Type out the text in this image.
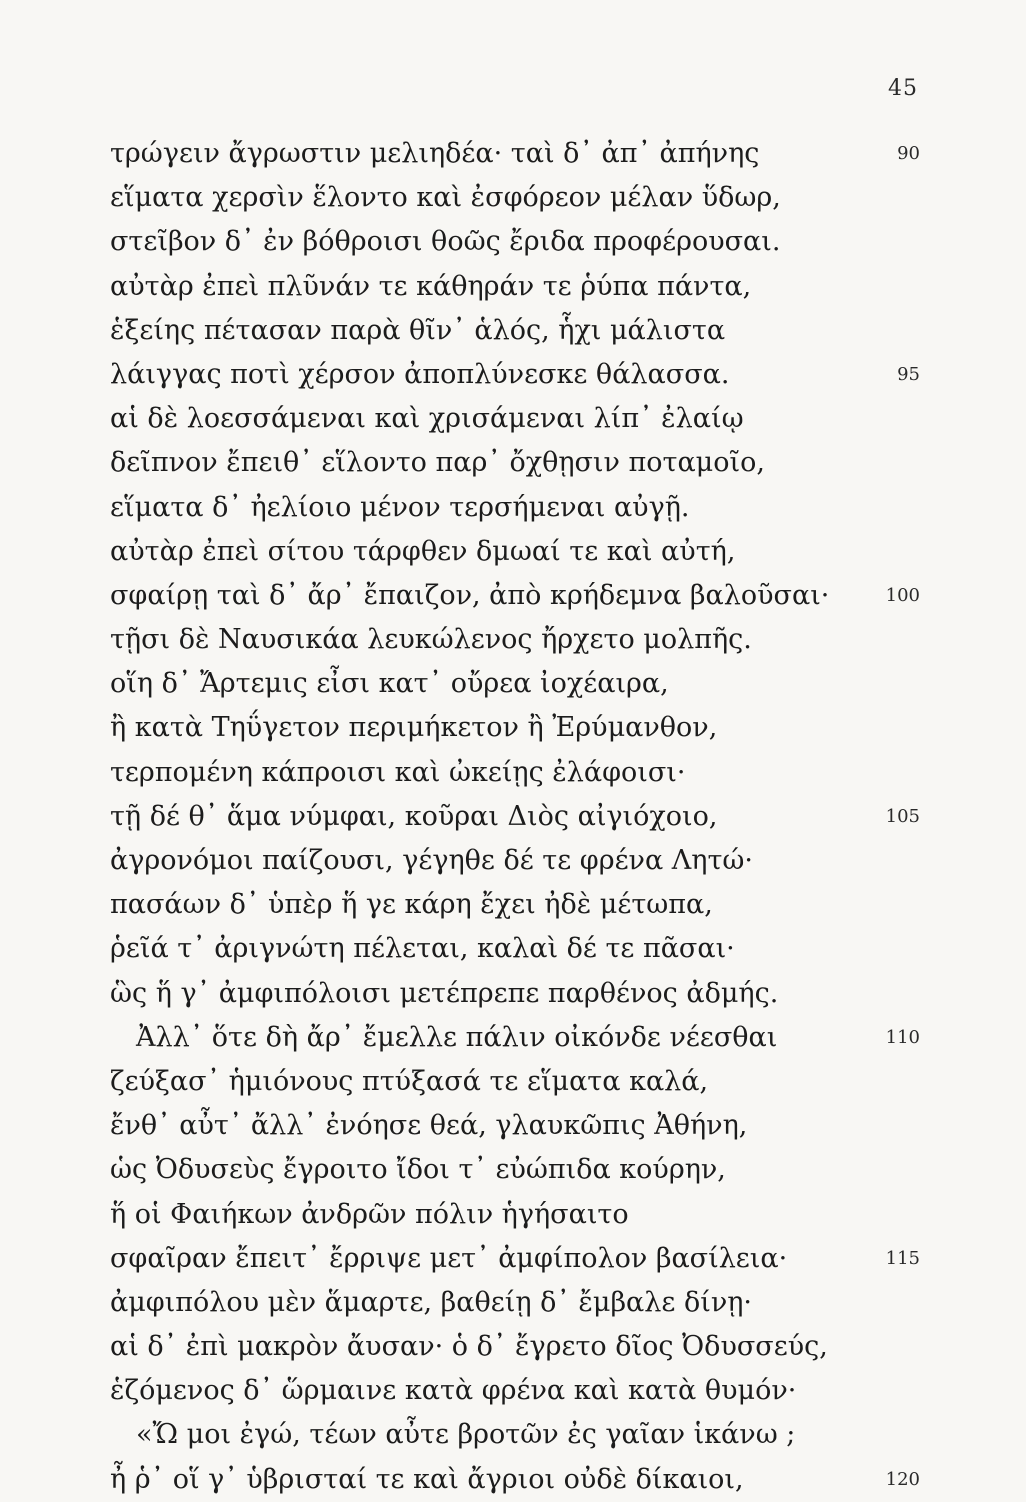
45
τρώγειν ἄγρωστιν μελιηδέα· ταὶ δ᾽ ἀπ᾽ ἀπήνης	90
εἵματα χερσὶν ἕλοντο καὶ ἐσφόρεον μέλαν ὕδωρ,
στεῖβον δ᾽ ἐν βόθροισι θοῶς ἔριδα προφέρουσαι.
αὐτὰρ ἐπεὶ πλῦνάν τε κάθηράν τε ῥύπα πάντα,
ἑξείης πέτασαν παρὰ θῖν᾽ ἁλός, ἧχι μάλιστα
λάιγγας ποτὶ χέρσον ἀποπλύνεσκε θάλασσα.	95
αἱ δὲ λοεσσάμεναι καὶ χρισάμεναι λίπ᾽ ἐλαίῳ
δεῖπνον ἔπειθ᾽ εἵλοντο παρ᾽ ὄχθῃσιν ποταμοῖο,
εἵματα δ᾽ ἠελίοιο μένον τερσήμεναι αὐγῇ.
αὐτὰρ ἐπεὶ σίτου τάρφθεν δμωαί τε καὶ αὐτή,
σφαίρῃ ταὶ δ᾽ ἄρ᾽ ἔπαιζον, ἀπὸ κρήδεμνα βαλοῦσαι·	100
τῇσι δὲ Ναυσικάα λευκώλενος ἤρχετο μολπῆς.
οἵη δ᾽ Ἄρτεμις εἶσι κατ᾽ οὔρεα ἰοχέαιρα,
ἢ κατὰ Τηΰγετον περιμήκετον ἢ Ἐρύμανθον,
τερπομένη κάπροισι καὶ ὠκείῃς ἐλάφοισι·
τῇ δέ θ᾽ ἅμα νύμφαι, κοῦραι Διὸς αἰγιόχοιο,	105
ἀγρονόμοι παίζουσι, γέγηθε δέ τε φρένα Λητώ·
πασάων δ᾽ ὑπὲρ ἥ γε κάρη ἔχει ἠδὲ μέτωπα,
ῥεῖά τ᾽ ἀριγνώτη πέλεται, καλαὶ δέ τε πᾶσαι·
ὣς ἥ γ᾽ ἀμφιπόλοισι μετέπρεπε παρθένος ἀδμής.
Ἀλλ᾽ ὅτε δὴ ἄρ᾽ ἔμελλε πάλιν οἰκόνδε νέεσθαι	110
ζεύξασ᾽ ἡμιόνους πτύξασά τε εἵματα καλά,
ἔνθ᾽ αὖτ᾽ ἄλλ᾽ ἐνόησε θεά, γλαυκῶπις Ἀθήνη,
ὡς Ὀδυσεὺς ἔγροιτο ἴδοι τ᾽ εὐώπιδα κούρην,
ἥ οἱ Φαιήκων ἀνδρῶν πόλιν ἡγήσαιτο
σφαῖραν ἔπειτ᾽ ἔρριψε μετ᾽ ἀμφίπολον βασίλεια·	115
ἀμφιπόλου μὲν ἅμαρτε, βαθείῃ δ᾽ ἔμβαλε δίνῃ·
αἱ δ᾽ ἐπὶ μακρὸν ἄυσαν· ὁ δ᾽ ἔγρετο δῖος Ὀδυσσεύς,
ἑζόμενος δ᾽ ὥρμαινε κατὰ φρένα καὶ κατὰ θυμόν·
«Ὤ μοι ἐγώ, τέων αὖτε βροτῶν ἐς γαῖαν ἱκάνω ;
ἦ ῥ᾽ οἵ γ᾽ ὑβρισταί τε καὶ ἄγριοι οὐδὲ δίκαιοι,	120
